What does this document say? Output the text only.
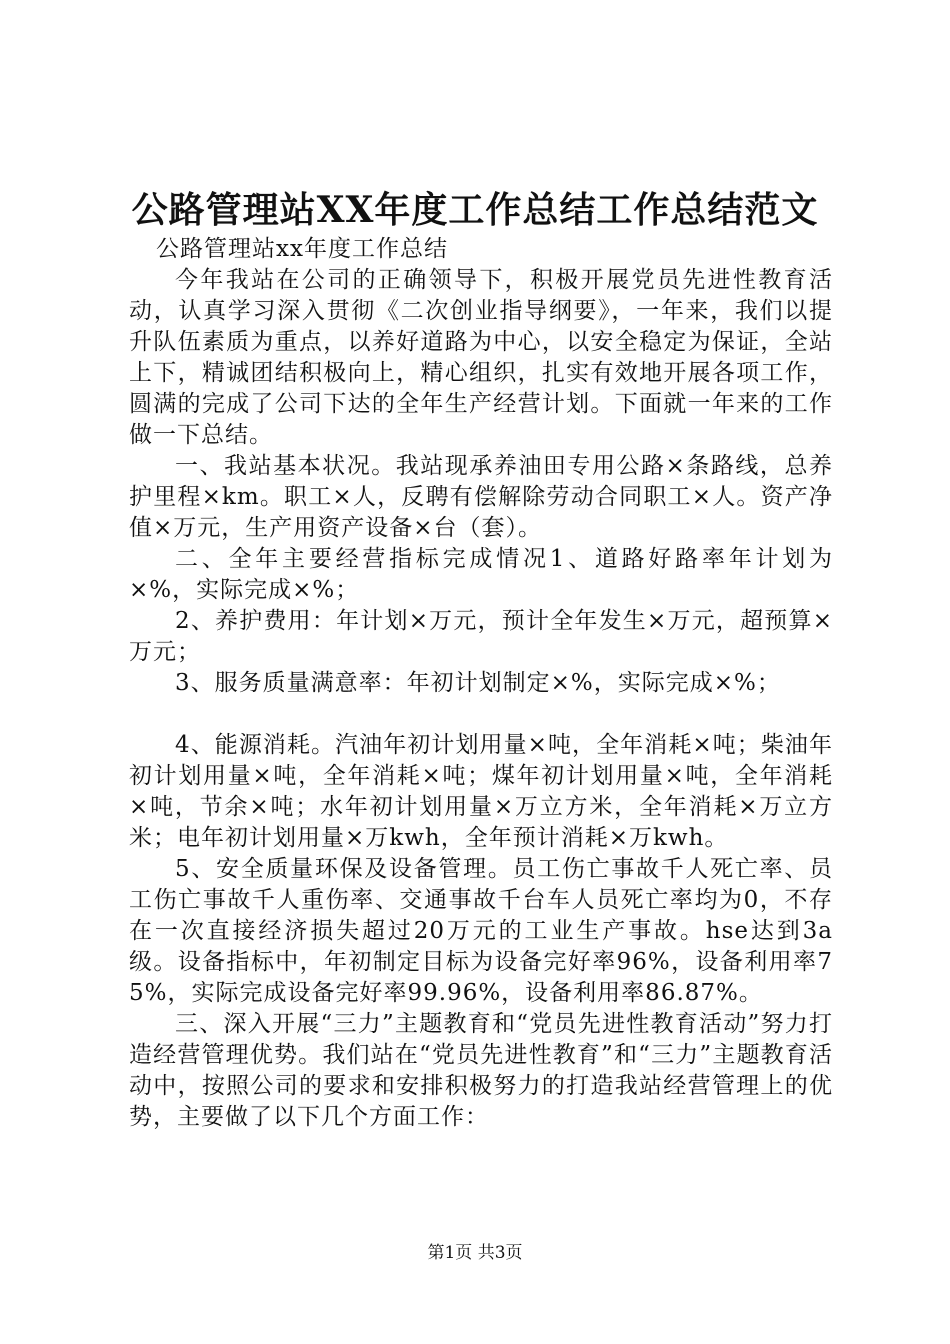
公路管理站XX年度工作总结工作总结范文

公路管理站xx年度工作总结

今年我站在公司的正确领导下，积极开展党员先进性教育活动，认真学习深入贯彻《二次创业指导纲要》，一年来，我们以提升队伍素质为重点，以养好道路为中心，以安全稳定为保证，全站上下，精诚团结积极向上，精心组织，扎实有效地开展各项工作，圆满的完成了公司下达的全年生产经营计划。下面就一年来的工作做一下总结。

一、我站基本状况。我站现承养油田专用公路×条路线，总养护里程×km。职工×人，反聘有偿解除劳动合同职工×人。资产净值×万元，生产用资产设备×台（套）。

二、全年主要经营指标完成情况1、道路好路率年计划为×%，实际完成×%；

2、养护费用：年计划×万元，预计全年发生×万元，超预算×万元；

3、服务质量满意率：年初计划制定×%，实际完成×%；

4、能源消耗。汽油年初计划用量×吨，全年消耗×吨；柴油年初计划用量×吨，全年消耗×吨；煤年初计划用量×吨，全年消耗×吨，节余×吨；水年初计划用量×万立方米，全年消耗×万立方米；电年初计划用量×万kwh，全年预计消耗×万kwh。

5、安全质量环保及设备管理。员工伤亡事故千人死亡率、员工伤亡事故千人重伤率、交通事故千台车人员死亡率均为0，不存在一次直接经济损失超过20万元的工业生产事故。hse达到3a级。设备指标中，年初制定目标为设备完好率96%，设备利用率75%，实际完成设备完好率99.96%，设备利用率86.87%。

三、深入开展“三力”主题教育和“党员先进性教育活动”努力打造经营管理优势。我们站在“党员先进性教育”和“三力”主题教育活动中，按照公司的要求和安排积极努力的打造我站经营管理上的优势，主要做了以下几个方面工作：

第1页 共3页
